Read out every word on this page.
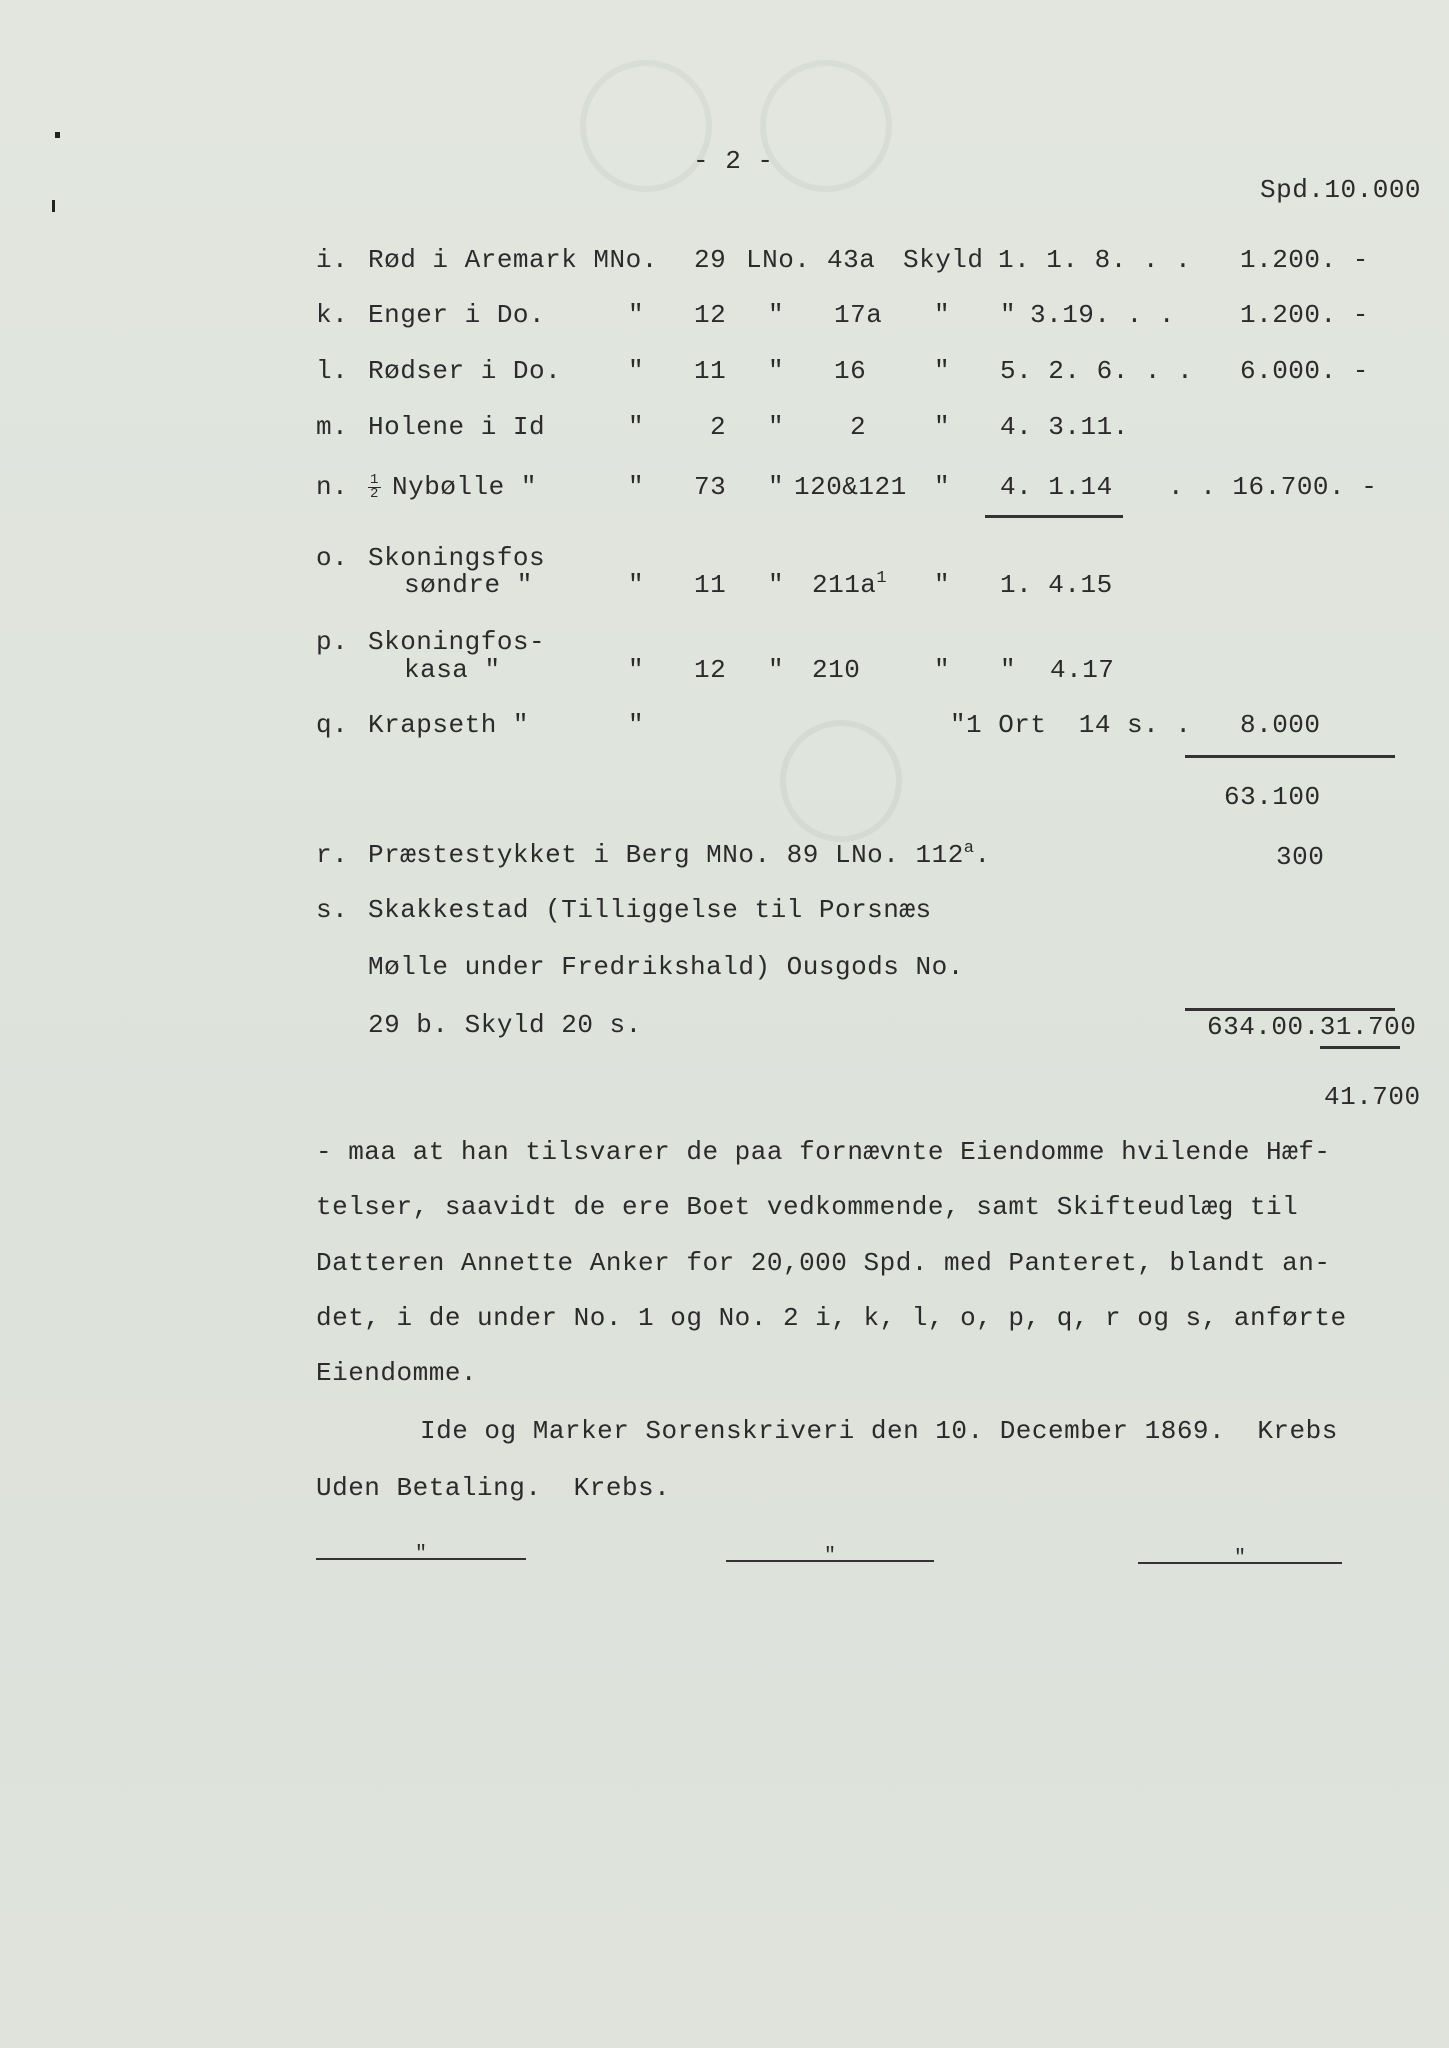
- 2 -
Spd.10.000
i. Rød i Aremark MNo. 29 LNo. 43a Skyld 1. 1. 8. . . 1.200. -
k. Enger i Do.	" 12 " 17a " " 3.19. . .	1.200. -
l. Rødser i Do.	" 11 " 16	" 5. 2. 6. . . 6.000. -
m. Holene i Id	"	2 "	2	" 4. 3.11.
n. $\frac{1}{2}$ Nybølle "	" 73 " 120&121 " 4. 1.14 . . 16.700. -
o. Skoningsfos
søndre "	" 11 " $211a^1$ " 1. 4.15
p. Skoningfos-
kasa "	" 12 " 210	" " 4.17
q. Krapseth "	"	" 1 Ort  14 s. . 8.000
63.100
r. Præstestykket i Berg MNo. 89 LNo. 112$^a$.	300
s. Skakkestad (Tilliggelse til Porsnæs
Mølle under Fredrikshald) Ousgods No.
29 b. Skyld 20 s.	634.00.31.700
41.700
- maa at han tilsvarer de paa fornævnte Eiendomme hvilende Hæf-
telser, saavidt de ere Boet vedkommende, samt Skifteudlæg til
Datteren Annette Anker for 20,000 Spd. med Panteret, blandt an-
det, i de under No. 1 og No. 2 i, k, l, o, p, q, r og s, anførte
Eiendomme.
Ide og Marker Sorenskriveri den 10. December 1869.  Krebs
Uden Betaling.  Krebs.
"	"	"
